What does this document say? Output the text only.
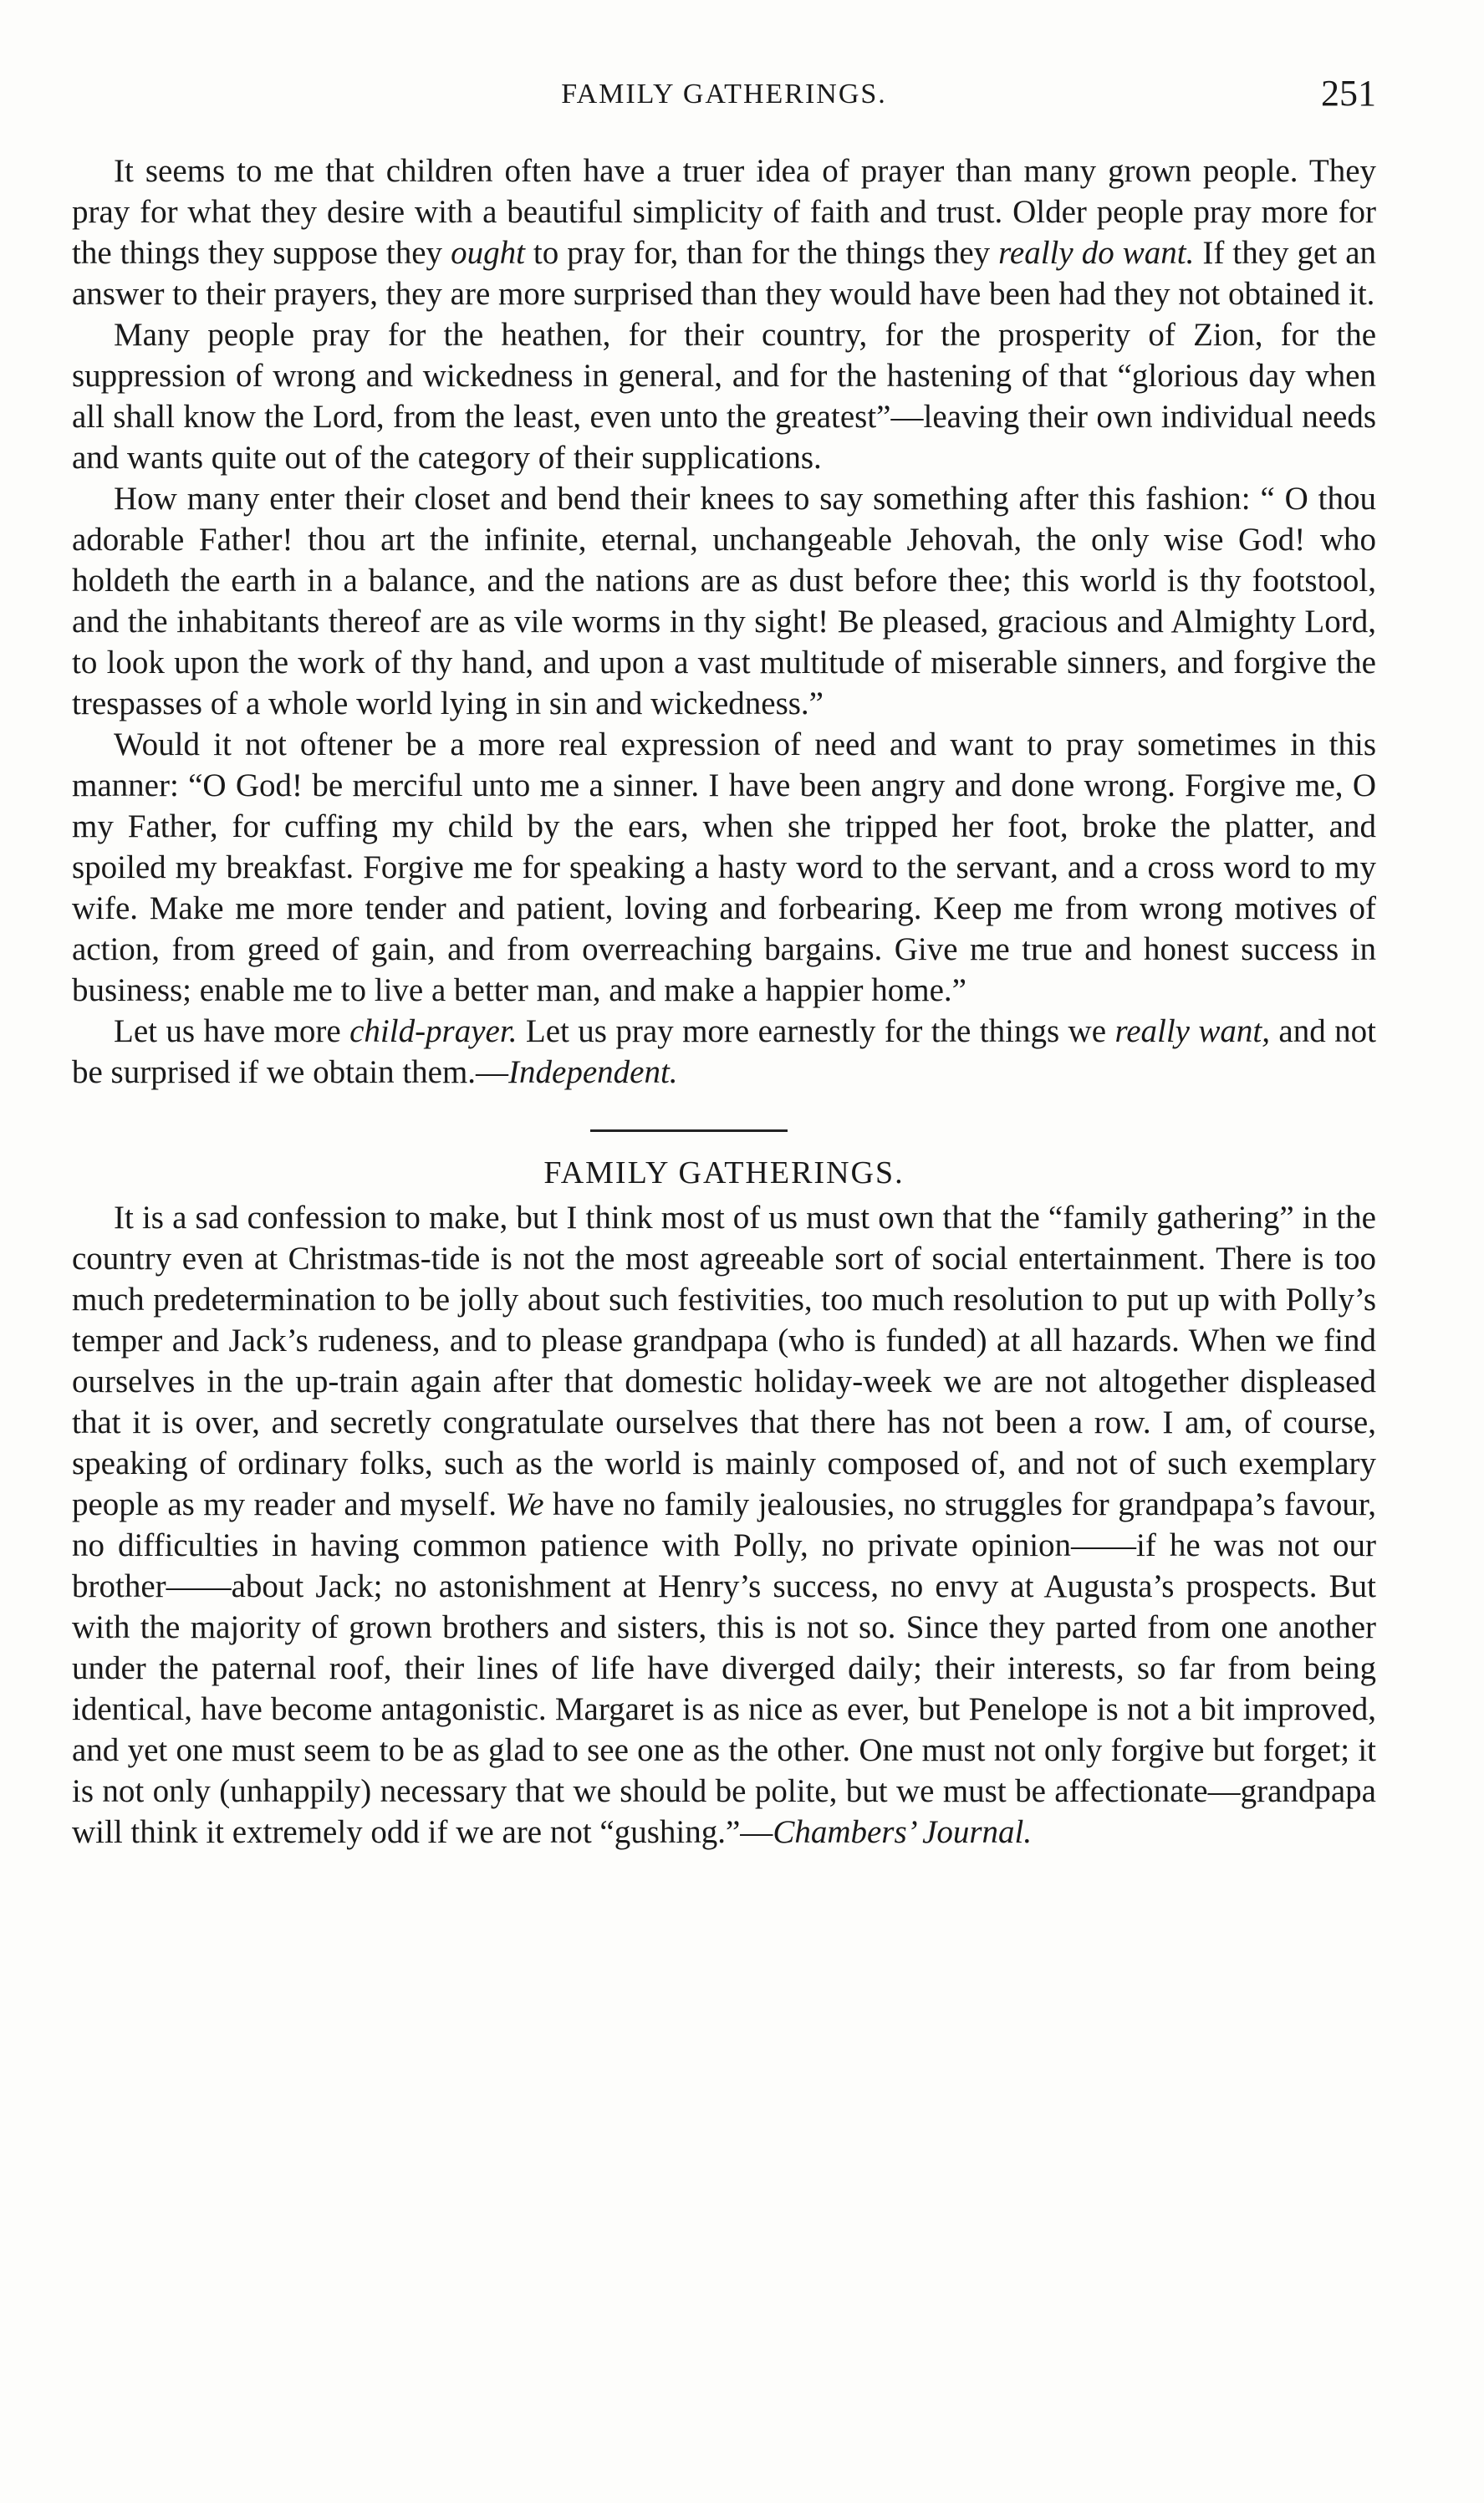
FAMILY GATHERINGS.	251

It seems to me that children often have a truer idea of prayer than many grown people. They pray for what they desire with a beautiful simplicity of faith and trust. Older people pray more for the things they suppose they ought to pray for, than for the things they really do want. If they get an answer to their prayers, they are more surprised than they would have been had they not obtained it.

Many people pray for the heathen, for their country, for the prosperity of Zion, for the suppression of wrong and wickedness in general, and for the hastening of that “glorious day when all shall know the Lord, from the least, even unto the greatest”—leaving their own individual needs and wants quite out of the category of their supplications.

How many enter their closet and bend their knees to say something after this fashion: “ O thou adorable Father! thou art the infinite, eternal, unchangeable Jehovah, the only wise God! who holdeth the earth in a balance, and the nations are as dust before thee; this world is thy footstool, and the inhabitants thereof are as vile worms in thy sight! Be pleased, gracious and Almighty Lord, to look upon the work of thy hand, and upon a vast multitude of miserable sinners, and forgive the trespasses of a whole world lying in sin and wickedness.”

Would it not oftener be a more real expression of need and want to pray sometimes in this manner: “O God! be merciful unto me a sinner. I have been angry and done wrong. Forgive me, O my Father, for cuffing my child by the ears, when she tripped her foot, broke the platter, and spoiled my breakfast. Forgive me for speaking a hasty word to the servant, and a cross word to my wife. Make me more tender and patient, loving and forbearing. Keep me from wrong motives of action, from greed of gain, and from overreaching bargains. Give me true and honest success in business; enable me to live a better man, and make a happier home.”

Let us have more child-prayer. Let us pray more earnestly for the things we really want, and not be surprised if we obtain them.—Independent.

FAMILY GATHERINGS.

It is a sad confession to make, but I think most of us must own that the “family gathering” in the country even at Christmas-tide is not the most agreeable sort of social entertainment. There is too much predetermination to be jolly about such festivities, too much resolution to put up with Polly’s temper and Jack’s rudeness, and to please grandpapa (who is funded) at all hazards. When we find ourselves in the up-train again after that domestic holiday-week we are not altogether displeased that it is over, and secretly congratulate ourselves that there has not been a row. I am, of course, speaking of ordinary folks, such as the world is mainly composed of, and not of such exemplary people as my reader and myself. We have no family jealousies, no struggles for grandpapa’s favour, no difficulties in having common patience with Polly, no private opinion——if he was not our brother——about Jack; no astonishment at Henry’s success, no envy at Augusta’s prospects. But with the majority of grown brothers and sisters, this is not so. Since they parted from one another under the paternal roof, their lines of life have diverged daily; their interests, so far from being identical, have become antagonistic. Margaret is as nice as ever, but Penelope is not a bit improved, and yet one must seem to be as glad to see one as the other. One must not only forgive but forget; it is not only (unhappily) necessary that we should be polite, but we must be affectionate—grandpapa will think it extremely odd if we are not “gushing.”—Chambers’ Journal.
